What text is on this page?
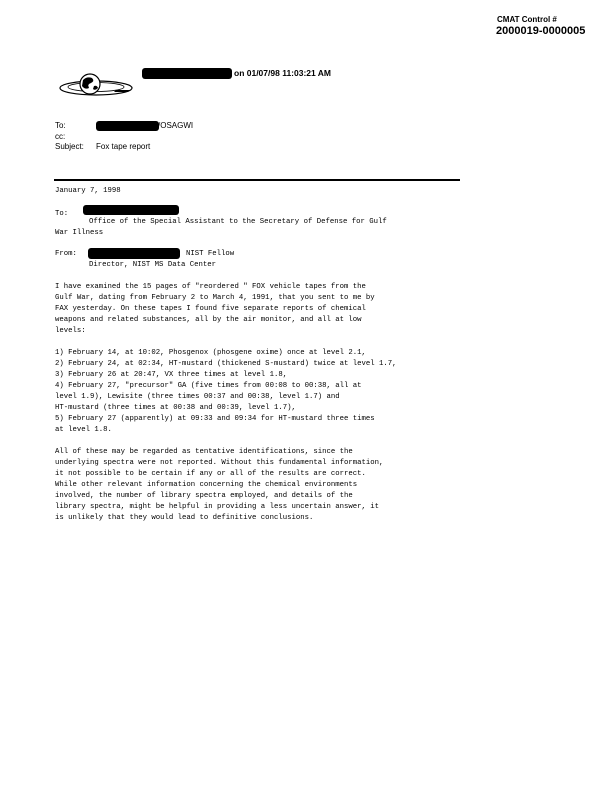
CMAT Control #
2000019-0000005
on 01/07/98 11:03:21 AM
To:	/OSAGWI
cc:
Subject: Fox tape report
January 7, 1998
To:
Office of the Special Assistant to the Secretary of Defense for Gulf
War Illness
From:	NIST Fellow
Director, NIST MS Data Center
I have examined the 15 pages of "reordered " FOX vehicle tapes from the
Gulf War, dating from February 2 to March 4, 1991, that you sent to me by
FAX yesterday. On these tapes I found five separate reports of chemical
weapons and related substances, all by the air monitor, and all at low
levels:
1) February 14, at 10:02, Phosgenox (phosgene oxime) once at level 2.1,
2) February 24, at 02:34, HT-mustard (thickened S-mustard) twice at level 1.7,
3) February 26 at 20:47, VX three times at level 1.8,
4) February 27, "precursor" GA (five times from 00:08 to 00:38, all at
level 1.9), Lewisite (three times 00:37 and 00:38, level 1.7) and
HT-mustard (three times at 00:38 and 00:39, level 1.7),
5) February 27 (apparently) at 09:33 and 09:34 for HT-mustard three times
at level 1.8.
All of these may be regarded as tentative identifications, since the
underlying spectra were not reported. Without this fundamental information,
it not possible to be certain if any or all of the results are correct.
While other relevant information concerning the chemical environments
involved, the number of library spectra employed, and details of the
library spectra, might be helpful in providing a less uncertain answer, it
is unlikely that they would lead to definitive conclusions.
